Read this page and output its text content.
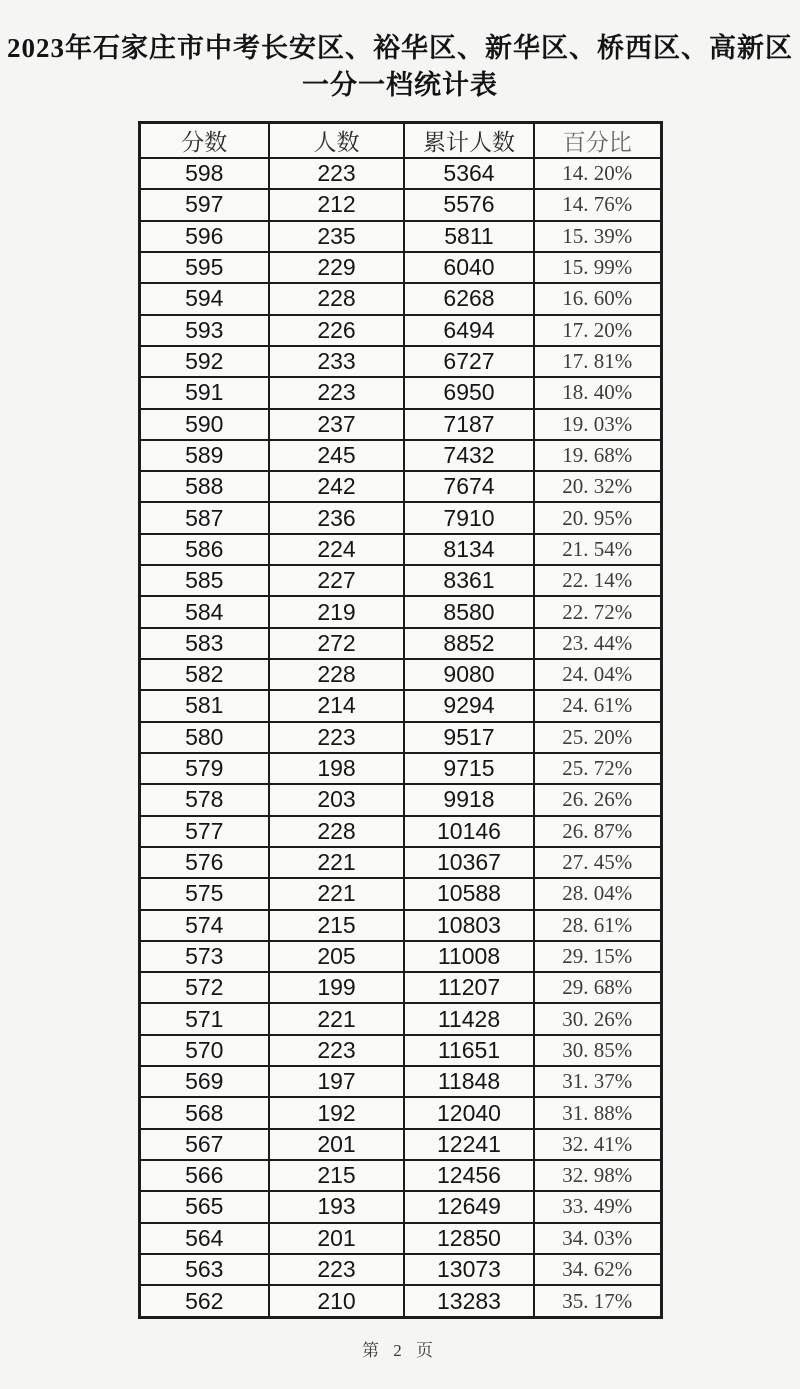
2023年石家庄市中考长安区、裕华区、新华区、桥西区、高新区
一分一档统计表
分数	人数	累计人数	百分比
598	223	5364	14. 20%
597	212	5576	14. 76%
596	235	5811	15. 39%
595	229	6040	15. 99%
594	228	6268	16. 60%
593	226	6494	17. 20%
592	233	6727	17. 81%
591	223	6950	18. 40%
590	237	7187	19. 03%
589	245	7432	19. 68%
588	242	7674	20. 32%
587	236	7910	20. 95%
586	224	8134	21. 54%
585	227	8361	22. 14%
584	219	8580	22. 72%
583	272	8852	23. 44%
582	228	9080	24. 04%
581	214	9294	24. 61%
580	223	9517	25. 20%
579	198	9715	25. 72%
578	203	9918	26. 26%
577	228	10146	26. 87%
576	221	10367	27. 45%
575	221	10588	28. 04%
574	215	10803	28. 61%
573	205	11008	29. 15%
572	199	11207	29. 68%
571	221	11428	30. 26%
570	223	11651	30. 85%
569	197	11848	31. 37%
568	192	12040	31. 88%
567	201	12241	32. 41%
566	215	12456	32. 98%
565	193	12649	33. 49%
564	201	12850	34. 03%
563	223	13073	34. 62%
562	210	13283	35. 17%
第 2 页
